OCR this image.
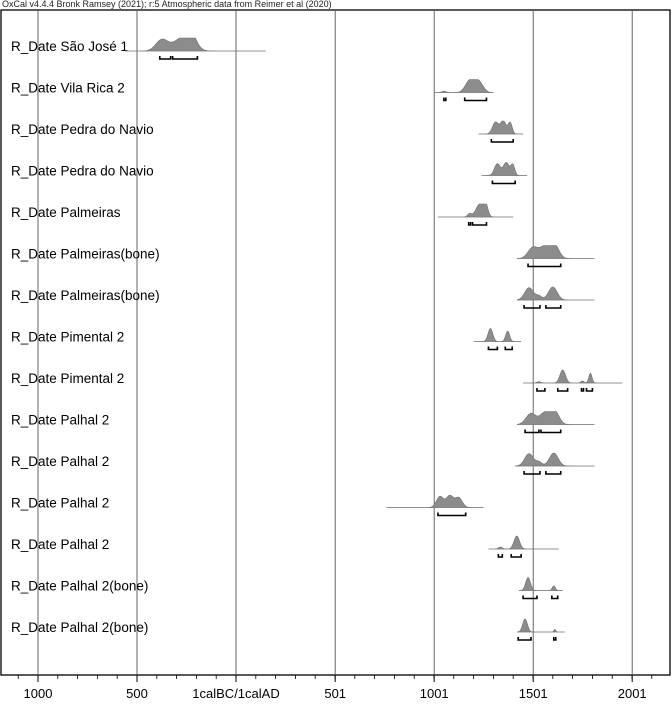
OxCal v4.4.4 Bronk Ramsey (2021); r:5 Atmospheric data from Reimer et al (2020)
R_Date São José 1
R_Date Vila Rica 2
R_Date Pedra do Navio
R_Date Pedra do Navio
R_Date Palmeiras
R_Date Palmeiras(bone)
R_Date Palmeiras(bone)
R_Date Pimental 2
R_Date Pimental 2
R_Date Palhal 2
R_Date Palhal 2
R_Date Palhal 2
R_Date Palhal 2
R_Date Palhal 2(bone)
R_Date Palhal 2(bone)
1000	500	1calBC/1calAD	501	1001	1501	2001
